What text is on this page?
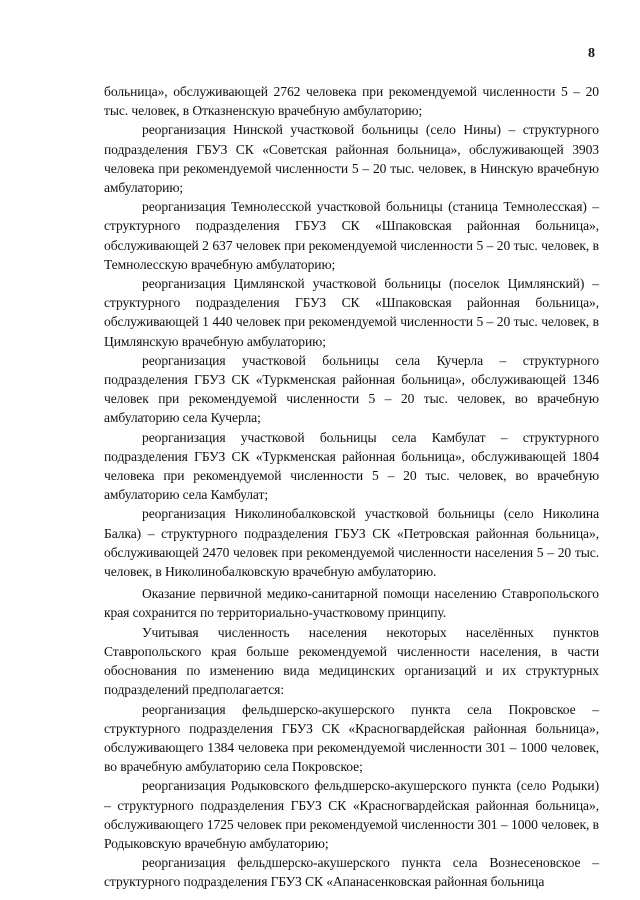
8

больница», обслуживающей 2762 человека при рекомендуемой численности 5 – 20 тыс. человек, в Отказненскую врачебную амбулаторию;

реорганизация Нинской участковой больницы (село Нины) – структурного подразделения ГБУЗ СК «Советская районная больница», обслуживающей 3903 человека при рекомендуемой численности 5 – 20 тыс. человек, в Нинскую врачебную амбулаторию;

реорганизация Темнолесской участковой больницы (станица Темнолесская) – структурного подразделения ГБУЗ СК «Шпаковская районная больница», обслуживающей 2 637 человек при рекомендуемой численности 5 – 20 тыс. человек, в Темнолесскую врачебную амбулаторию;

реорганизация Цимлянской участковой больницы (поселок Цимлянский) – структурного подразделения ГБУЗ СК «Шпаковская районная больница», обслуживающей 1 440 человек при рекомендуемой численности 5 – 20 тыс. человек, в Цимлянскую врачебную амбулаторию;

реорганизация участковой больницы села Кучерла – структурного подразделения ГБУЗ СК «Туркменская районная больница», обслуживающей 1346 человек при рекомендуемой численности 5 – 20 тыс. человек, во врачебную амбулаторию села Кучерла;

реорганизация участковой больницы села Камбулат – структурного подразделения ГБУЗ СК «Туркменская районная больница», обслуживающей 1804 человека при рекомендуемой численности 5 – 20 тыс. человек, во врачебную амбулаторию села Камбулат;

реорганизация Николинобалковской участковой больницы (село Николина Балка) – структурного подразделения ГБУЗ СК «Петровская районная больница», обслуживающей 2470 человек при рекомендуемой численности населения 5 – 20 тыс. человек, в Николинобалковскую врачебную амбулаторию.

Оказание первичной медико-санитарной помощи населению Ставропольского края сохранится по территориально-участковому принципу.

Учитывая численность населения некоторых населённых пунктов Ставропольского края больше рекомендуемой численности населения, в части обоснования по изменению вида медицинских организаций и их структурных подразделений предполагается:

реорганизация фельдшерско-акушерского пункта села Покровское – структурного подразделения ГБУЗ СК «Красногвардейская районная больница», обслуживающего 1384 человека при рекомендуемой численности 301 – 1000 человек, во врачебную амбулаторию села Покровское;

реорганизация Родыковского фельдшерско-акушерского пункта (село Родыки) – структурного подразделения ГБУЗ СК «Красногвардейская районная больница», обслуживающего 1725 человек при рекомендуемой численности 301 – 1000 человек, в Родыковскую врачебную амбулаторию;

реорганизация фельдшерско-акушерского пункта села Вознесеновское – структурного подразделения ГБУЗ СК «Апанасенковская районная больница
